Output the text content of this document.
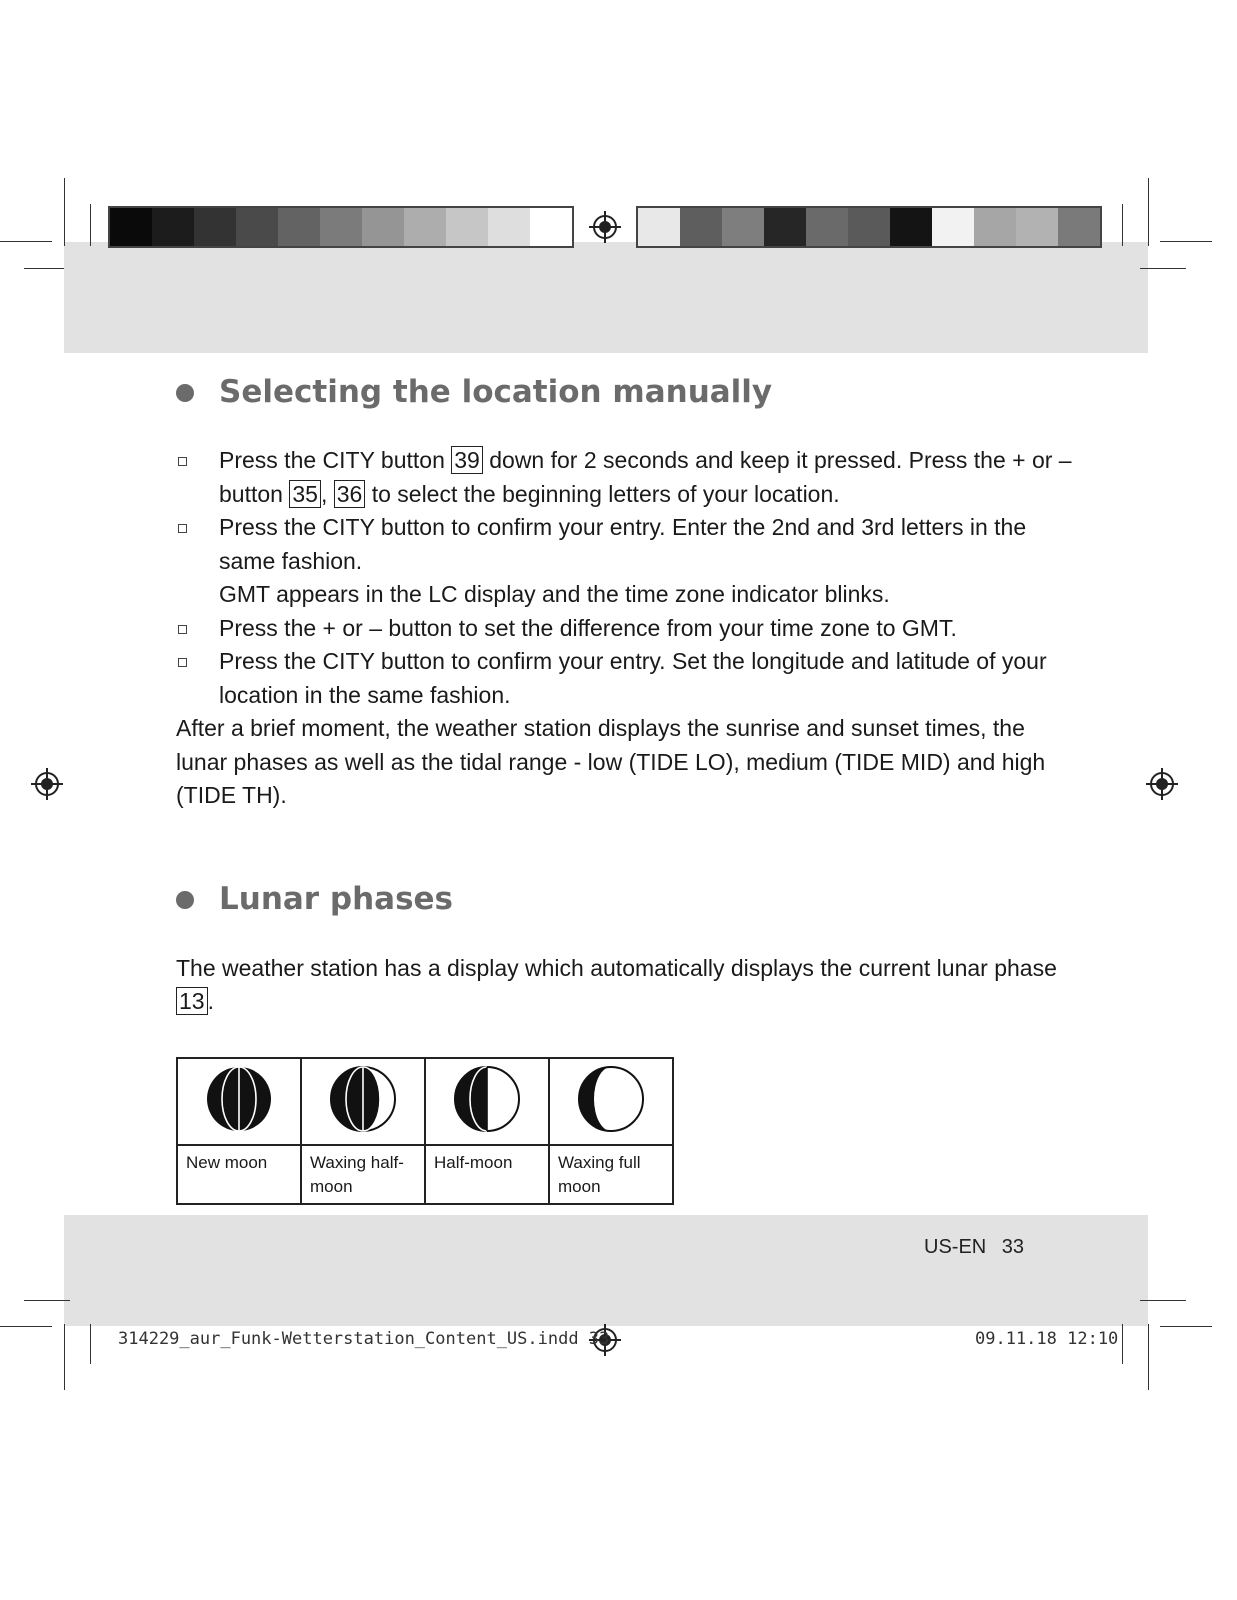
Selecting the location manually
Press the CITY button 39 down for 2 seconds and keep it pressed. Press the + or – button 35 , 36 to select the beginning letters of your location.
Press the CITY button to confirm your entry. Enter the 2nd and 3rd letters in the same fashion.
GMT appears in the LC display and the time zone indicator blinks.
Press the + or – button to set the difference from your time zone to GMT.
Press the CITY button to confirm your entry. Set the longitude and latitude of your location in the same fashion.

After a brief moment, the weather station displays the sunrise and sunset times, the lunar phases as well as the tidal range - low (TIDE LO), medium (TIDE MID) and high (TIDE TH).

Lunar phases

The weather station has a display which automatically displays the current lunar phase 13 .

New moon	Waxing half-moon	Half-moon	Waxing full moon
US-EN 33
314229_aur_Funk-Wetterstation_Content_US.indd 33	09.11.18 12:10
